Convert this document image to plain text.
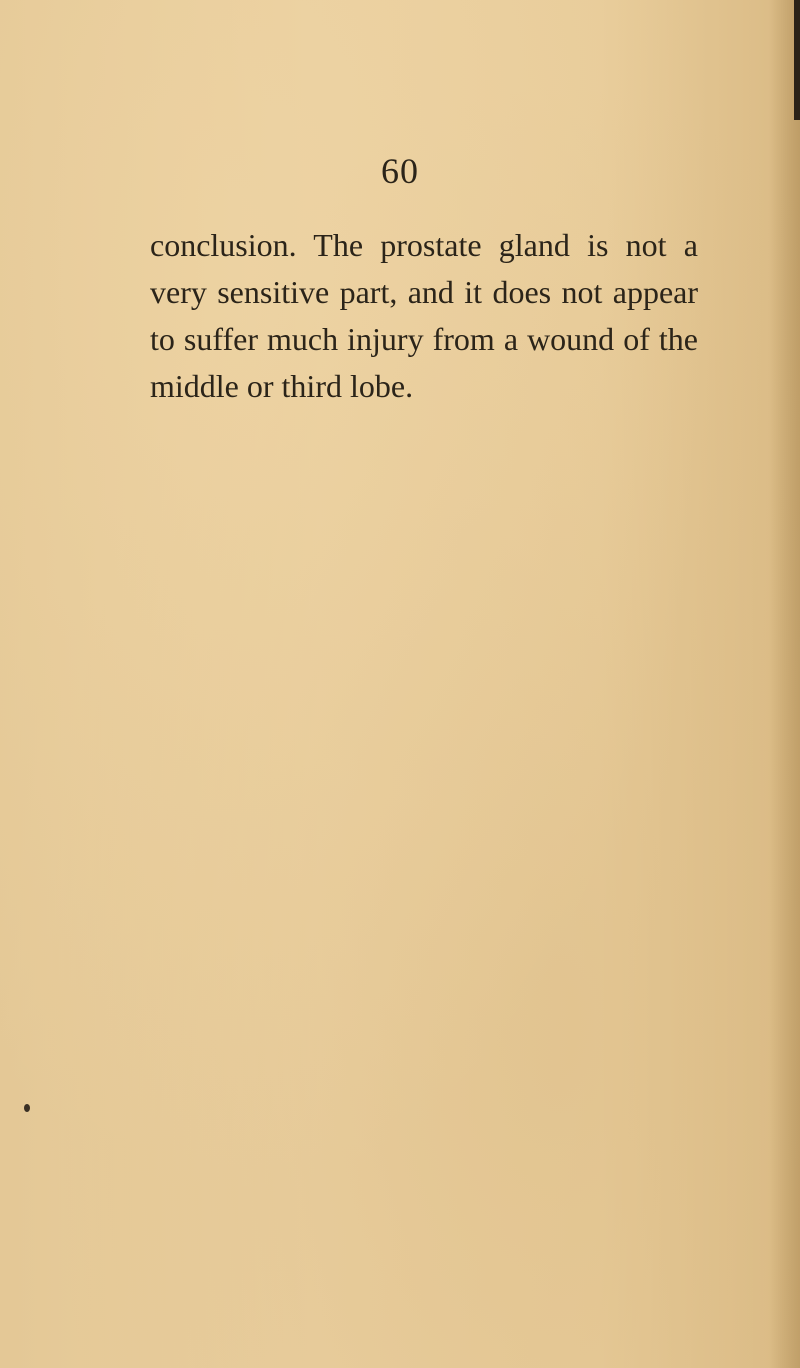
60
conclusion. The prostate gland is not a
very sensitive part, and it does not appear
to suffer much injury from a wound of the
middle or third lobe.
